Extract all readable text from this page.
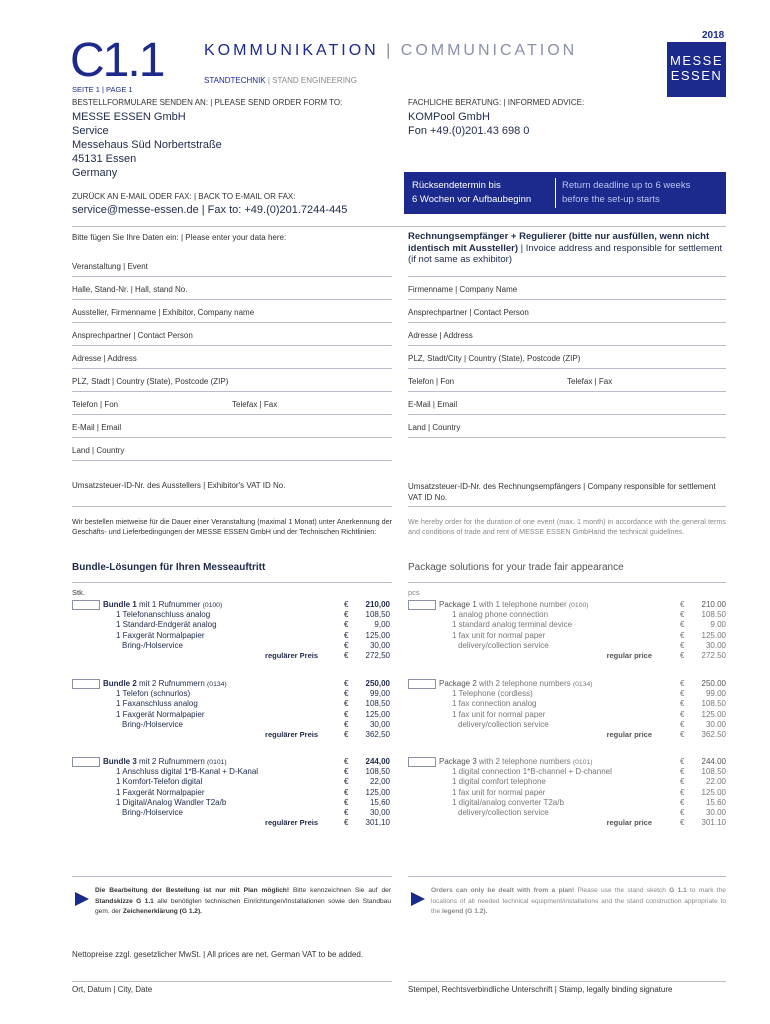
2018
MESSE
ESSEN
C1.1
SEITE 1 | PAGE 1
KOMMUNIKATION | COMMUNICATION
STANDTECHNIK | STAND ENGINEERING
BESTELLFORMULARE SENDEN AN: | PLEASE SEND ORDER FORM TO:
MESSE ESSEN GmbH
Service
Messehaus Süd Norbertstraße
45131 Essen
Germany
FACHLICHE BERATUNG: | INFORMED ADVICE:
KOMPool GmbH
Fon +49.(0)201.43 698 0
Rücksendetermin bis
6 Wochen vor Aufbaubeginn
Return deadline up to 6 weeks
before the set-up starts
ZURÜCK AN E-MAIL ODER FAX: | BACK TO E-MAIL OR FAX:
service@messe-essen.de | Fax to: +49.(0)201.7244-445
Bitte fügen Sie Ihre Daten ein: | Please enter your data here:
Veranstaltung | Event
Halle, Stand-Nr. | Hall, stand No.
Aussteller, Firmenname | Exhibitor, Company name
Ansprechpartner | Contact Person
Adresse | Address
PLZ, Stadt | Country (State), Postcode (ZIP)
Telefon | Fon	Telefax | Fax
E-Mail | Email
Land | Country
Umsatzsteuer-ID-Nr. des Ausstellers | Exhibitor's VAT ID No.
Rechnungsempfänger + Regulierer (bitte nur ausfüllen, wenn nicht identisch mit Aussteller) | Invoice address and responsible for settlement (if not same as exhibitor)
Firmenname | Company Name
Ansprechpartner | Contact Person
Adresse | Address
PLZ, Stadt/City | Country (State), Postcode (ZIP)
Telefon | Fon	Telefax | Fax
E-Mail | Email
Land | Country
Umsatzsteuer-ID-Nr. des Rechnungsempfängers | Company responsible for settlement VAT ID No.
Wir bestellen mietweise für die Dauer einer Veranstaltung (maximal 1 Monat) unter Anerkennung der Geschäfts- und Lieferbedingungen der MESSE ESSEN GmbH und der Technischen Richtlinien:
We hereby order for the duration of one event (max. 1 month) in accordance with the general terms and conditions of trade and rent of MESSE ESSEN GmbHand the technical guidelines.
Bundle-Lösungen für Ihren Messeauftritt	Package solutions for your trade fair appearance
Stk.	pcs
Bundle 1 mit 1 Rufnummer (0100)	€	210,00
1 Telefonanschluss analog	€	108,50
1 Standard-Endgerät analog	€	9,00
1 Faxgerät Normalpapier	€	125,00
Bring-/Holservice	€	30,00
regulärer Preis	€	272,50
Bundle 2 mit 2 Rufnummern (0134)	€	250,00
1 Telefon (schnurlos)	€	99,00
1 Faxanschluss analog	€	108,50
1 Faxgerät Normalpapier	€	125,00
Bring-/Holservice	€	30,00
regulärer Preis	€	362,50
Bundle 3 mit 2 Rufnummern (0101)	€	244,00
1 Anschluss digital 1*B-Kanal + D-Kanal	€	108,50
1 Komfort-Telefon digital	€	22,00
1 Faxgerät Normalpapier	€	125,00
1 Digital/Analog Wandler T2a/b	€	15,60
Bring-/Holservice	€	30,00
regulärer Preis	€	301,10
Package 1 with 1 telephone number (0100)	€	210.00
1 analog phone connection	€	108.50
1 standard analog terminal device	€	9.00
1 fax unit for normal paper	€	125.00
delivery/collection service	€	30.00
regular price	€	272.50
Package 2 with 2 telephone numbers (0134)	€	250.00
1 Telephone (cordless)	€	99.00
1 fax connection analog	€	108.50
1 fax unit for normal paper	€	125.00
delivery/collection service	€	30.00
regular price	€	362.50
Package 3 with 2 telephone numbers (0101)	€	244.00
1 digital connection 1*B-channel + D-channel	€	108.50
1 digital comfort telephone	€	22.00
1 fax unit for normal paper	€	125.00
1 digital/analog converter T2a/b	€	15.60
delivery/collection service	€	30.00
regular price	€	301.10
Die Bearbeitung der Bestellung ist nur mit Plan möglich! Bitte kennzeichnen Sie auf der Standskizze G 1.1 alle benötigten technischen Einrichtungen/Installationen sowie den Standbau gem. der Zeichenerklärung (G 1.2).
Orders can only be dealt with from a plan! Please use the stand sketch G 1.1 to mark the locations of all needed technical equipment/installations and the stand construction appropriate to the legend (G 1.2).
Nettopreise zzgl. gesetzlicher MwSt. | All prices are net. German VAT to be added.
Ort, Datum | City, Date	Stempel, Rechtsverbindliche Unterschrift | Stamp, legally binding signature
